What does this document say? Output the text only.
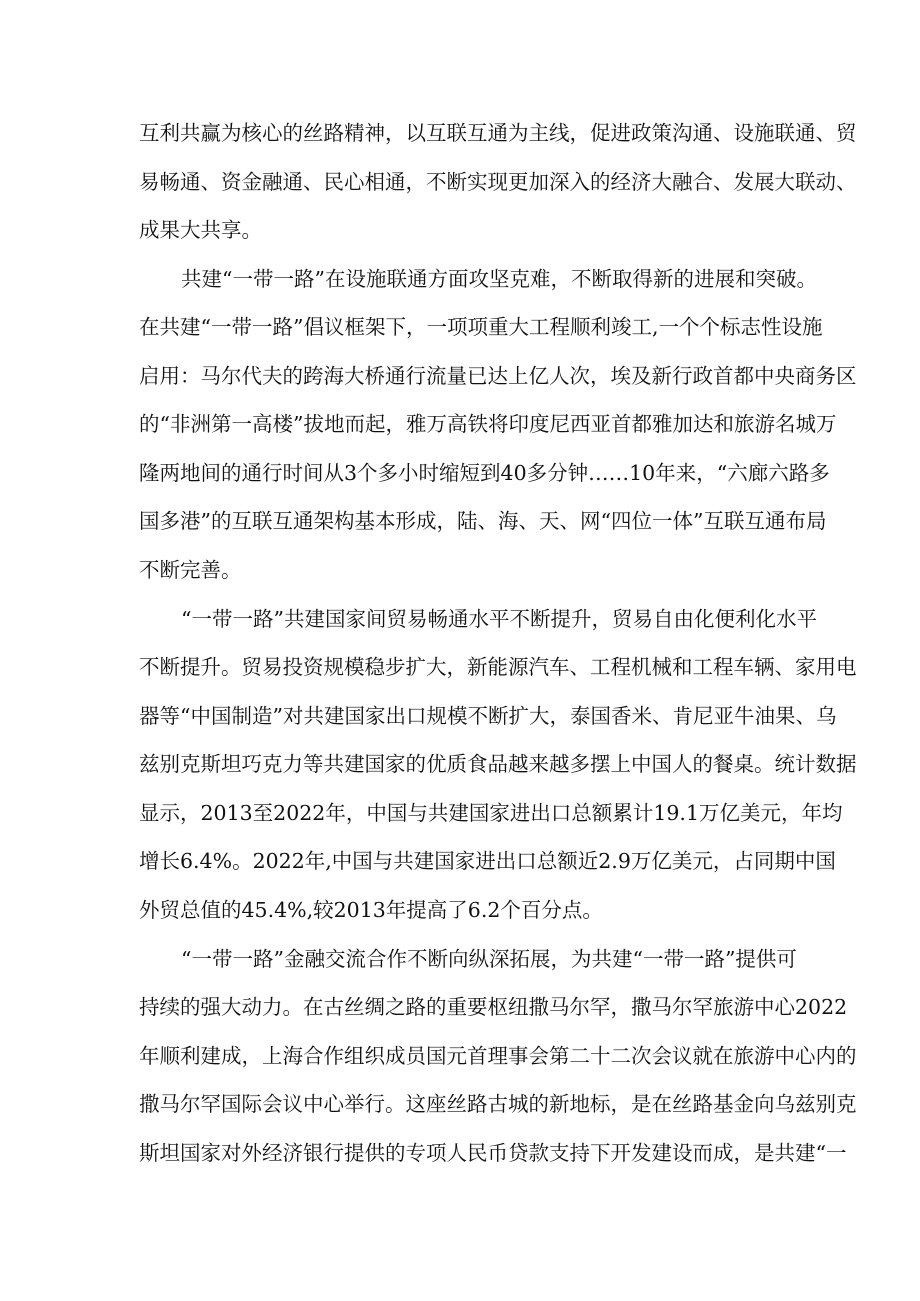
互利共赢为核心的丝路精神，以互联互通为主线，促进政策沟通、设施联通、贸
易畅通、资金融通、民心相通，不断实现更加深入的经济大融合、发展大联动、
成果大共享。
共建“一带一路”在设施联通方面攻坚克难，不断取得新的进展和突破。
在共建“一带一路”倡议框架下，一项项重大工程顺利竣工,一个个标志性设施
启用：马尔代夫的跨海大桥通行流量已达上亿人次，埃及新行政首都中央商务区
的“非洲第一高楼”拔地而起，雅万高铁将印度尼西亚首都雅加达和旅游名城万
隆两地间的通行时间从3个多小时缩短到40多分钟……10年来，“六廊六路多
国多港”的互联互通架构基本形成，陆、海、天、网“四位一体”互联互通布局
不断完善。
“一带一路”共建国家间贸易畅通水平不断提升，贸易自由化便利化水平
不断提升。贸易投资规模稳步扩大，新能源汽车、工程机械和工程车辆、家用电
器等“中国制造”对共建国家出口规模不断扩大，泰国香米、肯尼亚牛油果、乌
兹别克斯坦巧克力等共建国家的优质食品越来越多摆上中国人的餐桌。统计数据
显示，2013至2022年，中国与共建国家进出口总额累计19.1万亿美元，年均
增长6.4%。2022年,中国与共建国家进出口总额近2.9万亿美元，占同期中国
外贸总值的45.4%,较2013年提高了6.2个百分点。
“一带一路”金融交流合作不断向纵深拓展，为共建“一带一路”提供可
持续的强大动力。在古丝绸之路的重要枢纽撒马尔罕，撒马尔罕旅游中心2022
年顺利建成，上海合作组织成员国元首理事会第二十二次会议就在旅游中心内的
撒马尔罕国际会议中心举行。这座丝路古城的新地标，是在丝路基金向乌兹别克
斯坦国家对外经济银行提供的专项人民币贷款支持下开发建设而成，是共建“一
